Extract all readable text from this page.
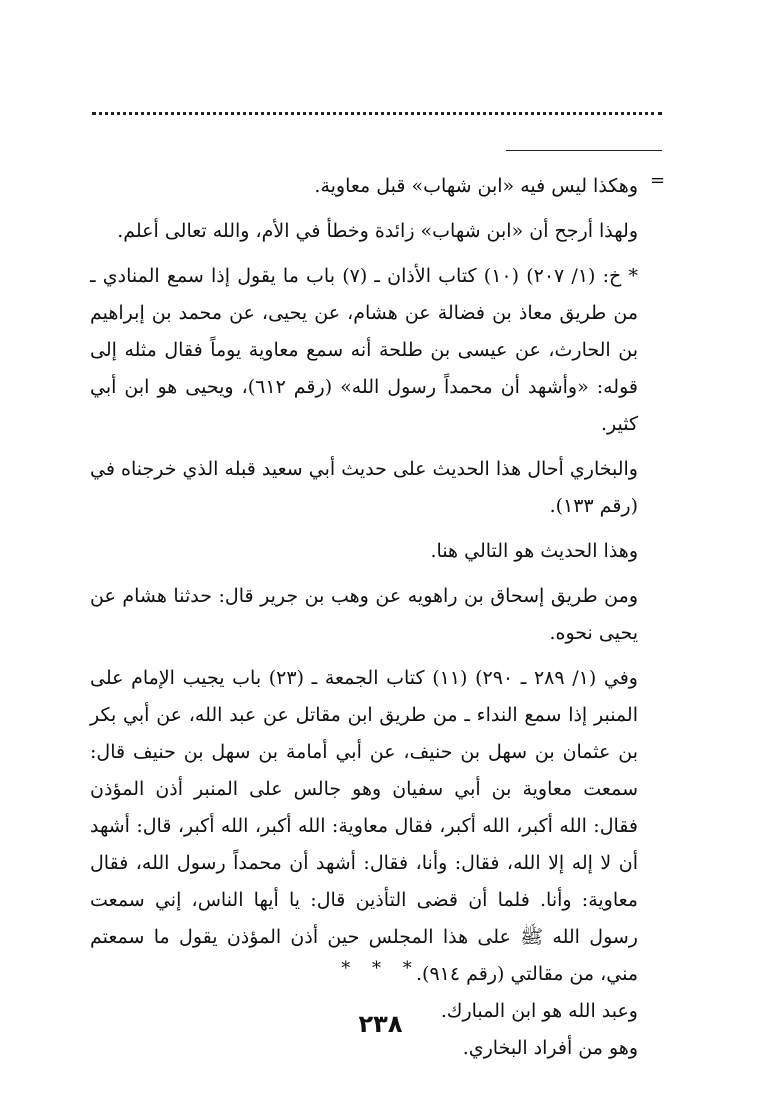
=

وهكذا ليس فيه «ابن شهاب» قبل معاوية.

ولهذا أرجح أن «ابن شهاب» زائدة وخطأ في الأم، والله تعالى أعلم.

* خ: (١/ ٢٠٧) (١٠) كتاب الأذان ـ (٧) باب ما يقول إذا سمع المنادي ـ من طريق معاذ بن فضالة عن هشام، عن يحيى، عن محمد بن إبراهيم بن الحارث، عن عيسى بن طلحة أنه سمع معاوية يوماً فقال مثله إلى قوله: «وأشهد أن محمداً رسول الله» (رقم ٦١٢)، ويحيى هو ابن أبي كثير.

والبخاري أحال هذا الحديث على حديث أبي سعيد قبله الذي خرجناه في (رقم ١٣٣).

وهذا الحديث هو التالي هنا.

ومن طريق إسحاق بن راهويه عن وهب بن جرير قال: حدثنا هشام عن يحيى نحوه.

وفي (١/ ٢٨٩ ـ ٢٩٠) (١١) كتاب الجمعة ـ (٢٣) باب يجيب الإمام على المنبر إذا سمع النداء ـ من طريق ابن مقاتل عن عبد الله، عن أبي بكر بن عثمان بن سهل بن حنيف، عن أبي أمامة بن سهل بن حنيف قال: سمعت معاوية بن أبي سفيان وهو جالس على المنبر أذن المؤذن فقال: الله أكبر، الله أكبر، فقال معاوية: الله أكبر، الله أكبر، قال: أشهد أن لا إله إلا الله، فقال: وأنا، فقال: أشهد أن محمداً رسول الله، فقال معاوية: وأنا. فلما أن قضى التأذين قال: يا أيها الناس، إني سمعت رسول الله ﷺ على هذا المجلس حين أذن المؤذن يقول ما سمعتم مني، من مقالتي (رقم ٩١٤).

وعبد الله هو ابن المبارك.

وهو من أفراد البخاري.

* * *
٢٣٨
